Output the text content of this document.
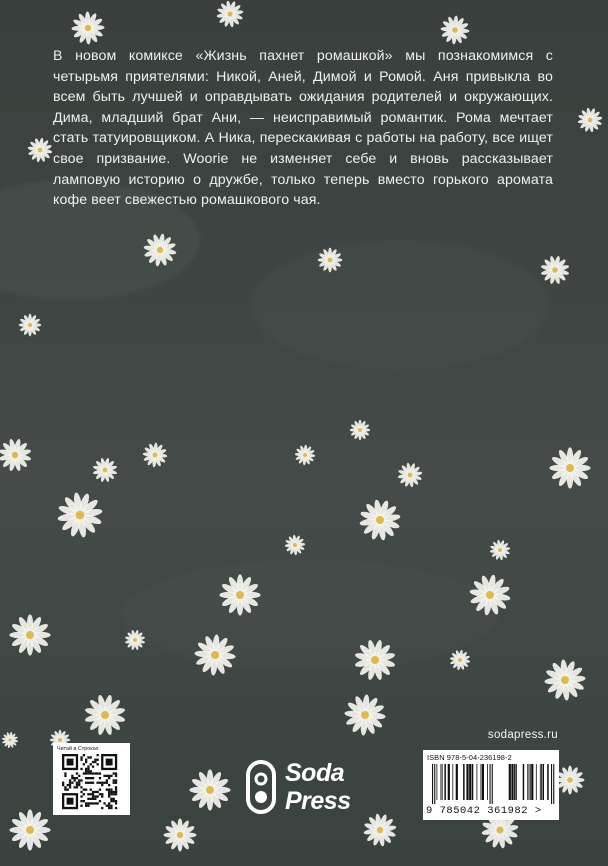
В новом комиксе «Жизнь пахнет ромашкой» мы познакомимся с четырьмя приятелями: Никой, Аней, Димой и Ромой. Аня привыкла во всем быть лучшей и оправдывать ожидания родителей и окружающих. Дима, младший брат Ани, — неисправимый романтик. Рома мечтает стать татуировщиком. А Ника, перескакивая с работы на работу, все ищет свое призвание. Woorie не изменяет себе и вновь рассказывает ламповую историю о дружбе, только теперь вместо горького аромата кофе веет свежестью ромашкового чая.
sodapress.ru
Читай в Строках
Soda
Press
ISBN 978-5-04-236198-2
9 785042 361982 >
